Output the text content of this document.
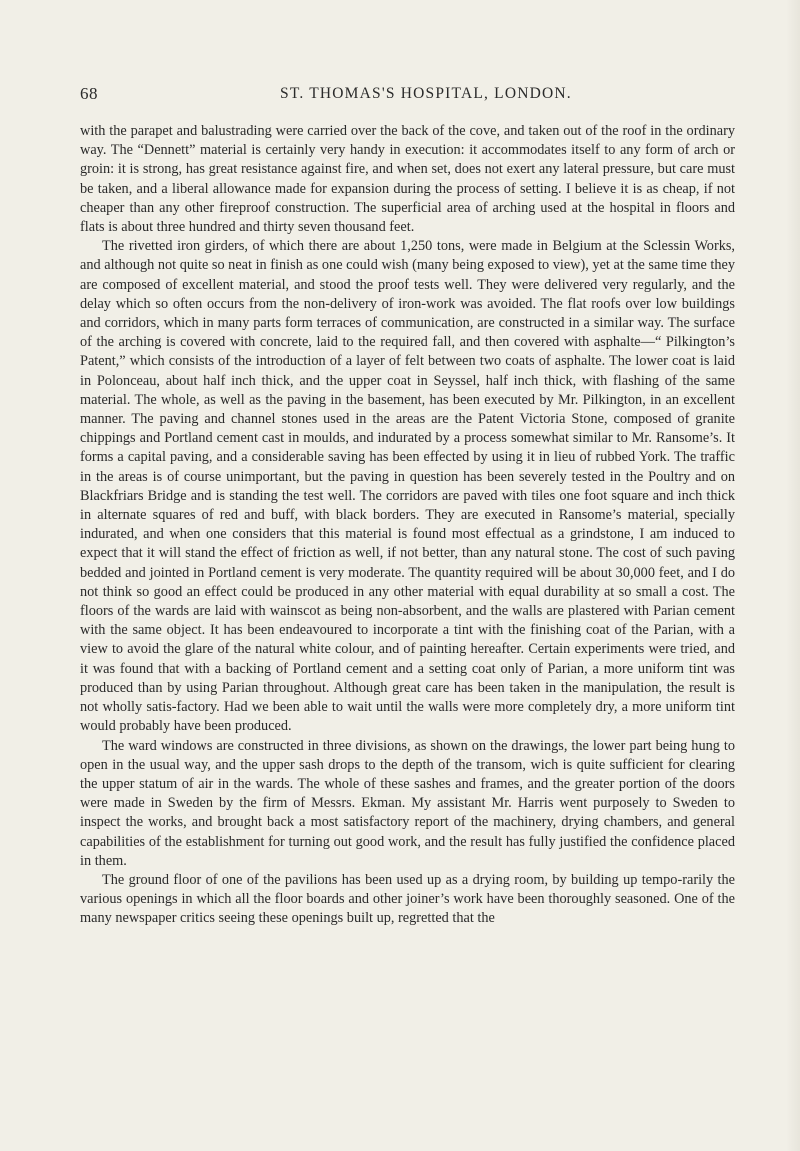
68	ST. THOMAS'S HOSPITAL, LONDON.

with the parapet and balustrading were carried over the back of the cove, and taken out of the roof in the ordinary way. The “Dennett” material is certainly very handy in execution: it accommodates itself to any form of arch or groin: it is strong, has great resistance against fire, and when set, does not exert any lateral pressure, but care must be taken, and a liberal allowance made for expansion during the process of setting. I believe it is as cheap, if not cheaper than any other fireproof construction. The superficial area of arching used at the hospital in floors and flats is about three hundred and thirty seven thousand feet.

The rivetted iron girders, of which there are about 1,250 tons, were made in Belgium at the Sclessin Works, and although not quite so neat in finish as one could wish (many being exposed to view), yet at the same time they are composed of excellent material, and stood the proof tests well. They were delivered very regularly, and the delay which so often occurs from the non-delivery of iron-work was avoided. The flat roofs over low buildings and corridors, which in many parts form terraces of communication, are constructed in a similar way. The surface of the arching is covered with concrete, laid to the required fall, and then covered with asphalte—“ Pilkington’s Patent,” which consists of the introduction of a layer of felt between two coats of asphalte. The lower coat is laid in Polonceau, about half inch thick, and the upper coat in Seyssel, half inch thick, with flashing of the same material. The whole, as well as the paving in the basement, has been executed by Mr. Pilkington, in an excellent manner. The paving and channel stones used in the areas are the Patent Victoria Stone, composed of granite chippings and Portland cement cast in moulds, and indurated by a process somewhat similar to Mr. Ransome’s. It forms a capital paving, and a considerable saving has been effected by using it in lieu of rubbed York. The traffic in the areas is of course unimportant, but the paving in question has been severely tested in the Poultry and on Blackfriars Bridge and is standing the test well. The corridors are paved with tiles one foot square and inch thick in alternate squares of red and buff, with black borders. They are executed in Ransome’s material, specially indurated, and when one considers that this material is found most effectual as a grindstone, I am induced to expect that it will stand the effect of friction as well, if not better, than any natural stone. The cost of such paving bedded and jointed in Portland cement is very moderate. The quantity required will be about 30,000 feet, and I do not think so good an effect could be produced in any other material with equal durability at so small a cost. The floors of the wards are laid with wainscot as being non-absorbent, and the walls are plastered with Parian cement with the same object. It has been endeavoured to incorporate a tint with the finishing coat of the Parian, with a view to avoid the glare of the natural white colour, and of painting hereafter. Certain experiments were tried, and it was found that with a backing of Portland cement and a setting coat only of Parian, a more uniform tint was produced than by using Parian throughout. Although great care has been taken in the manipulation, the result is not wholly satis-factory. Had we been able to wait until the walls were more completely dry, a more uniform tint would probably have been produced.

The ward windows are constructed in three divisions, as shown on the drawings, the lower part being hung to open in the usual way, and the upper sash drops to the depth of the transom, wich is quite sufficient for clearing the upper statum of air in the wards. The whole of these sashes and frames, and the greater portion of the doors were made in Sweden by the firm of Messrs. Ekman. My assistant Mr. Harris went purposely to Sweden to inspect the works, and brought back a most satisfactory report of the machinery, drying chambers, and general capabilities of the establishment for turning out good work, and the result has fully justified the confidence placed in them.

The ground floor of one of the pavilions has been used up as a drying room, by building up tempo-rarily the various openings in which all the floor boards and other joiner’s work have been thoroughly seasoned. One of the many newspaper critics seeing these openings built up, regretted that the
